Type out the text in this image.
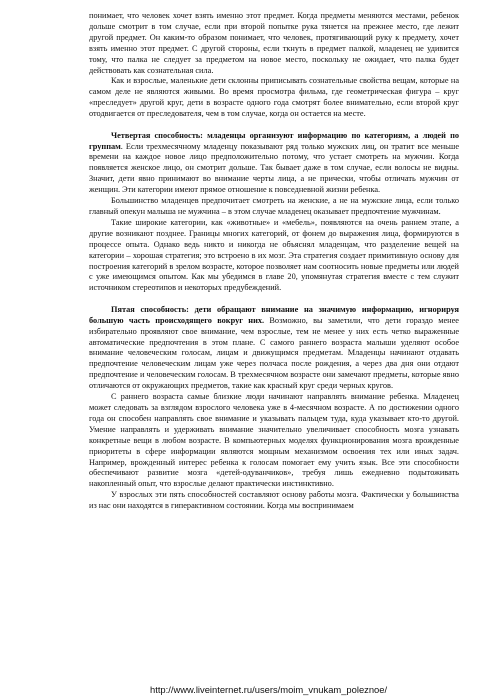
понимает, что человек хочет взять именно этот предмет. Когда предметы меняются местами, ребенок дольше смотрит в том случае, если при второй попытке рука тянется на прежнее место, где лежит другой предмет. Он каким-то образом понимает, что человек, протягивающий руку к предмету, хочет взять именно этот предмет. С другой стороны, если ткнуть в предмет палкой, младенец не удивится тому, что палка не следует за предметом на новое место, поскольку не ожидает, что палка будет действовать как сознательная сила.

Как и взрослые, маленькие дети склонны приписывать сознательные свойства вещам, которые на самом деле не являются живыми. Во время просмотра фильма, где геометрическая фигура – круг «преследует» другой круг, дети в возрасте одного года смотрят более внимательно, если второй круг отодвигается от преследователя, чем в том случае, когда он остается на месте.

Четвертая способность: младенцы организуют информацию по категориям, а людей по группам. Если трехмесячному младенцу показывают ряд только мужских лиц, он тратит все меньше времени на каждое новое лицо предположительно потому, что устает смотреть на мужчин. Когда появляется женское лицо, он смотрит дольше. Так бывает даже в том случае, если волосы не видны. Значит, дети явно принимают во внимание черты лица, а не прически, чтобы отличать мужчин от женщин. Эти категории имеют прямое отношение к повседневной жизни ребенка.

Большинство младенцев предпочитает смотреть на женские, а не на мужские лица, если только главный опекун малыша не мужчина – в этом случае младенец оказывает предпочтение мужчинам.

Такие широкие категории, как «животные» и «мебель», появляются на очень раннем этапе, а другие возникают позднее. Границы многих категорий, от фонем до выражения лица, формируются в процессе опыта. Однако ведь никто и никогда не объяснял младенцам, что разделение вещей на категории – хорошая стратегия; это встроено в их мозг. Эта стратегия создает примитивную основу для построения категорий в зрелом возрасте, которое позволяет нам соотносить новые предметы или людей с уже имеющимся опытом. Как мы убедимся в главе 20, упомянутая стратегия вместе с тем служит источником стереотипов и некоторых предубеждений.

Пятая способность: дети обращают внимание на значимую информацию, игнорируя большую часть происходящего вокруг них. Возможно, вы заметили, что дети гораздо менее избирательно проявляют свое внимание, чем взрослые, тем не менее у них есть четко выраженные автоматические предпочтения в этом плане. С самого раннего возраста малыши уделяют особое внимание человеческим голосам, лицам и движущимся предметам. Младенцы начинают отдавать предпочтение человеческим лицам уже через полчаса после рождения, а через два дня они отдают предпочтение и человеческим голосам. В трехмесячном возрасте они замечают предметы, которые явно отличаются от окружающих предметов, такие как красный круг среди черных кругов.

С раннего возраста самые близкие люди начинают направлять внимание ребенка. Младенец может следовать за взглядом взрослого человека уже в 4-месячном возрасте. А по достижении одного года он способен направлять свое внимание и указывать пальцем туда, куда указывает кто-то другой. Умение направлять и удерживать внимание значительно увеличивает способность мозга узнавать конкретные вещи в любом возрасте. В компьютерных моделях функционирования мозга врожденные приоритеты в сфере информации являются мощным механизмом освоения тех или иных задач. Например, врожденный интерес ребенка к голосам помогает ему учить язык. Все эти способности обеспечивают развитие мозга «детей-одуванчиков», требуя лишь ежедневно подытоживать накопленный опыт, что взрослые делают практически инстинктивно.

У взрослых эти пять способностей составляют основу работы мозга. Фактически у большинства из нас они находятся в гиперактивном состоянии. Когда мы воспринимаем

http://www.liveinternet.ru/users/moim_vnukam_poleznoe/
